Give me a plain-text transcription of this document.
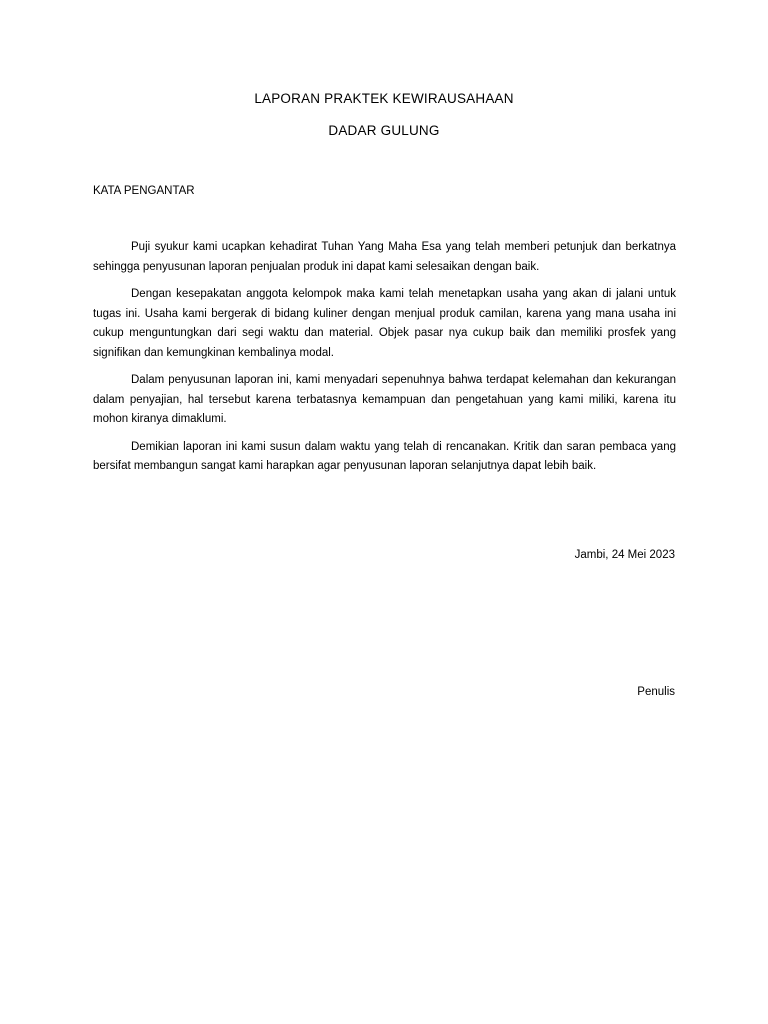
LAPORAN PRAKTEK KEWIRAUSAHAAN
DADAR GULUNG
KATA PENGANTAR

Puji syukur kami ucapkan kehadirat Tuhan Yang Maha Esa yang telah memberi petunjuk dan berkatnya sehingga penyusunan laporan penjualan produk ini dapat kami selesaikan dengan baik.

Dengan kesepakatan anggota kelompok maka kami telah menetapkan usaha yang akan di jalani untuk tugas ini. Usaha kami bergerak di bidang kuliner dengan menjual produk camilan, karena yang mana usaha ini cukup menguntungkan dari segi waktu dan material. Objek pasar nya cukup baik dan memiliki prosfek yang signifikan dan kemungkinan kembalinya modal.

Dalam penyusunan laporan ini, kami menyadari sepenuhnya bahwa terdapat kelemahan dan kekurangan dalam penyajian, hal tersebut karena terbatasnya kemampuan dan pengetahuan yang kami miliki, karena itu mohon kiranya dimaklumi.

Demikian laporan ini kami susun dalam waktu yang telah di rencanakan. Kritik dan saran pembaca yang bersifat membangun sangat kami harapkan agar penyusunan laporan selanjutnya dapat lebih baik.

Jambi, 24 Mei 2023

Penulis
